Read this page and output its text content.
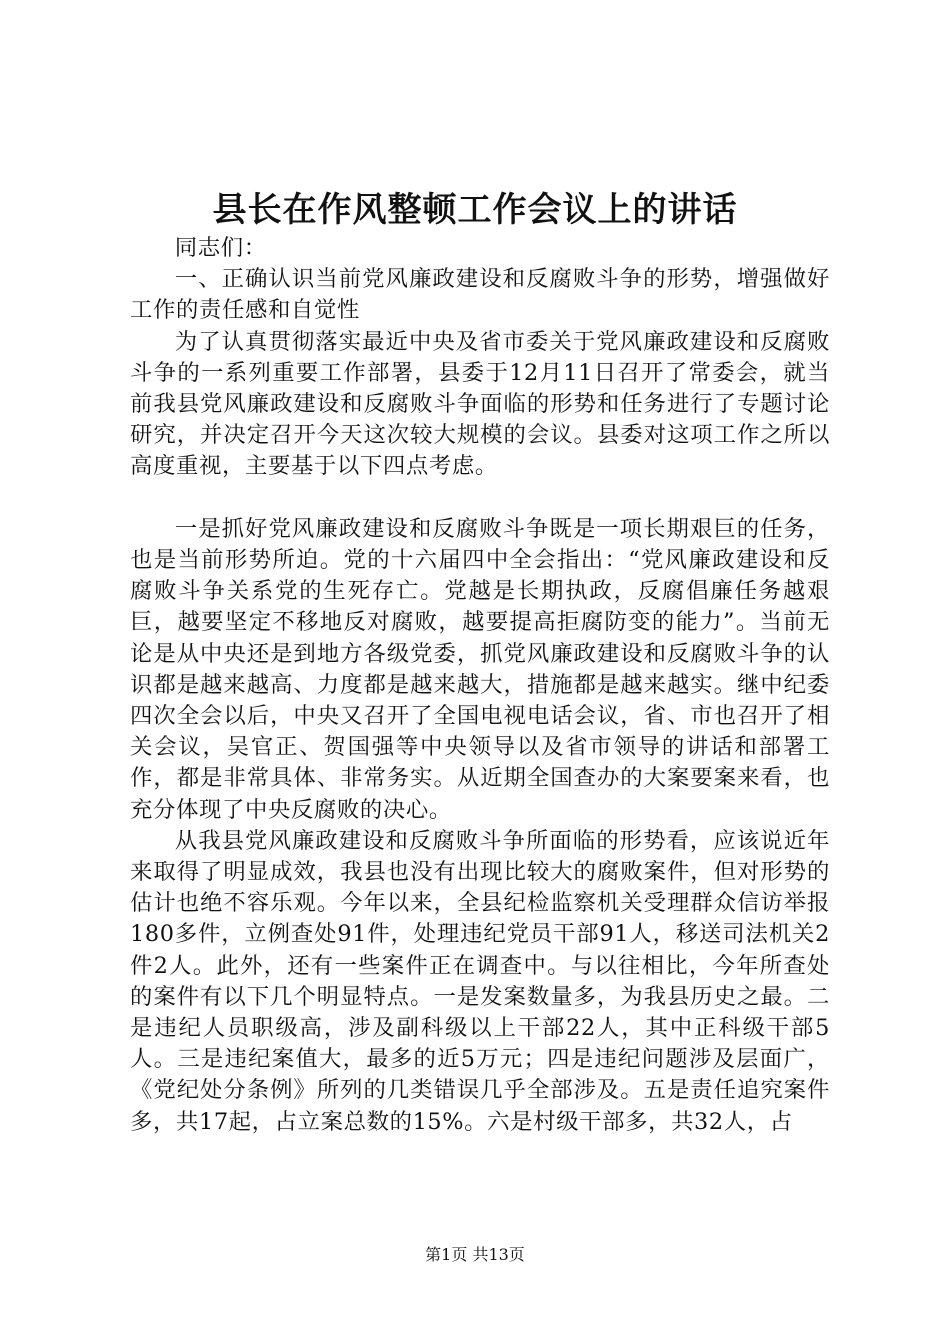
县长在作风整顿工作会议上的讲话

同志们：

一、正确认识当前党风廉政建设和反腐败斗争的形势，增强做好工作的责任感和自觉性

为了认真贯彻落实最近中央及省市委关于党风廉政建设和反腐败斗争的一系列重要工作部署，县委于12月11日召开了常委会，就当前我县党风廉政建设和反腐败斗争面临的形势和任务进行了专题讨论研究，并决定召开今天这次较大规模的会议。县委对这项工作之所以高度重视，主要基于以下四点考虑。

一是抓好党风廉政建设和反腐败斗争既是一项长期艰巨的任务，也是当前形势所迫。党的十六届四中全会指出：“党风廉政建设和反腐败斗争关系党的生死存亡。党越是长期执政，反腐倡廉任务越艰巨，越要坚定不移地反对腐败，越要提高拒腐防变的能力”。当前无论是从中央还是到地方各级党委，抓党风廉政建设和反腐败斗争的认识都是越来越高、力度都是越来越大，措施都是越来越实。继中纪委四次全会以后，中央又召开了全国电视电话会议，省、市也召开了相关会议，吴官正、贺国强等中央领导以及省市领导的讲话和部署工作，都是非常具体、非常务实。从近期全国查办的大案要案来看，也充分体现了中央反腐败的决心。

从我县党风廉政建设和反腐败斗争所面临的形势看，应该说近年来取得了明显成效，我县也没有出现比较大的腐败案件，但对形势的估计也绝不容乐观。今年以来，全县纪检监察机关受理群众信访举报180多件，立例查处91件，处理违纪党员干部91人，移送司法机关2件2人。此外，还有一些案件正在调查中。与以往相比，今年所查处的案件有以下几个明显特点。一是发案数量多，为我县历史之最。二是违纪人员职级高，涉及副科级以上干部22人，其中正科级干部5人。三是违纪案值大，最多的近5万元；四是违纪问题涉及层面广，《党纪处分条例》所列的几类错误几乎全部涉及。五是责任追究案件多，共17起，占立案总数的15%。六是村级干部多，共32人，占

第1页 共13页
